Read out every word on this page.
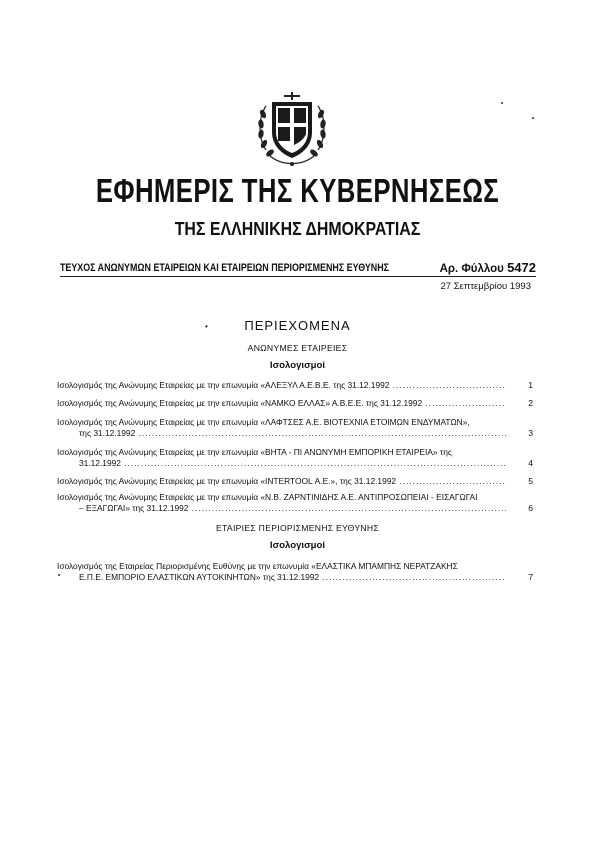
ΕΦΗΜΕΡΙΣ ΤΗΣ ΚΥΒΕΡΝΗΣΕΩΣ
ΤΗΣ ΕΛΛΗΝΙΚΗΣ ΔΗΜΟΚΡΑΤΙΑΣ
ΤΕΥΧΟΣ ΑΝΩΝΥΜΩΝ ΕΤΑΙΡΕΙΩΝ ΚΑΙ ΕΤΑΙΡΕΙΩΝ ΠΕΡΙΟΡΙΣΜΕΝΗΣ ΕΥΘΥΝΗΣ	Αρ. Φύλλου 5472
27 Σεπτεμβρίου 1993
•	ΠΕΡΙΕΧΟΜΕΝΑ
ΑΝΩΝΥΜΕΣ ΕΤΑΙΡΕΙΕΣ
Ισολογισμοί
Ισολογισμός της Ανώνυμης Εταιρείας με την επωνυμία «ΑΛΕΞΥΛ Α.Ε.Β.Ε. της 31.12.1992 .....	1
Ισολογισμός της Ανώνυμης Εταιρείας με την επωνυμία «ΝΑΜΚΟ ΕΛΛΑΣ» Α.Β.Ε.Ε. της 31.12.1992 .....	2
Ισολογισμός της Ανώνυμης Εταιρείας με την επωνυμία «ΛΑΦΤΣΕΣ Α.Ε. ΒΙΟΤΕΧΝΙΑ ΕΤΟΙΜΩΝ ΕΝΔΥΜΑΤΩΝ»,
της 31.12.1992 .....	3
Ισολογισμός της Ανώνυμης Εταιρείας με την επωνυμία «ΒΗΤΑ - ΠΙ ΑΝΩΝΥΜΗ ΕΜΠΟΡΙΚΗ ΕΤΑΙΡΕΙΑ» της
31.12.1992 .....	4
Ισολογισμός της Ανώνυμης Εταιρείας με την επωνυμία «INTERTOOL Α.Ε.», της 31.12.1992 .....	5
Ισολογισμός της Ανώνυμης Εταιρείας με την επωνυμία «Ν.Β. ΖΑΡΝΤΙΝΙΔΗΣ Α.Ε. ΑΝΤΙΠΡΟΣΩΠΕΙΑΙ - ΕΙΣΑΓΩΓΑΙ
– ΕΞΑΓΩΓΑΙ» της 31.12.1992 .....	6
ΕΤΑΙΡΙΕΣ ΠΕΡΙΟΡΙΣΜΕΝΗΣ ΕΥΘΥΝΗΣ
Ισολογισμοί
Ισολογισμός της Εταιρείας Περιορισμένης Ευθύνης με την επωνυμία «ΕΛΑΣΤΙΚΑ ΜΠΑΜΠΗΣ ΝΕΡΑΤΖΑΚΗΣ
Ε.Π.Ε. ΕΜΠΟΡΙΟ ΕΛΑΣΤΙΚΩΝ ΑΥΤΟΚΙΝΗΤΩΝ» της 31.12.1992 .....	7
